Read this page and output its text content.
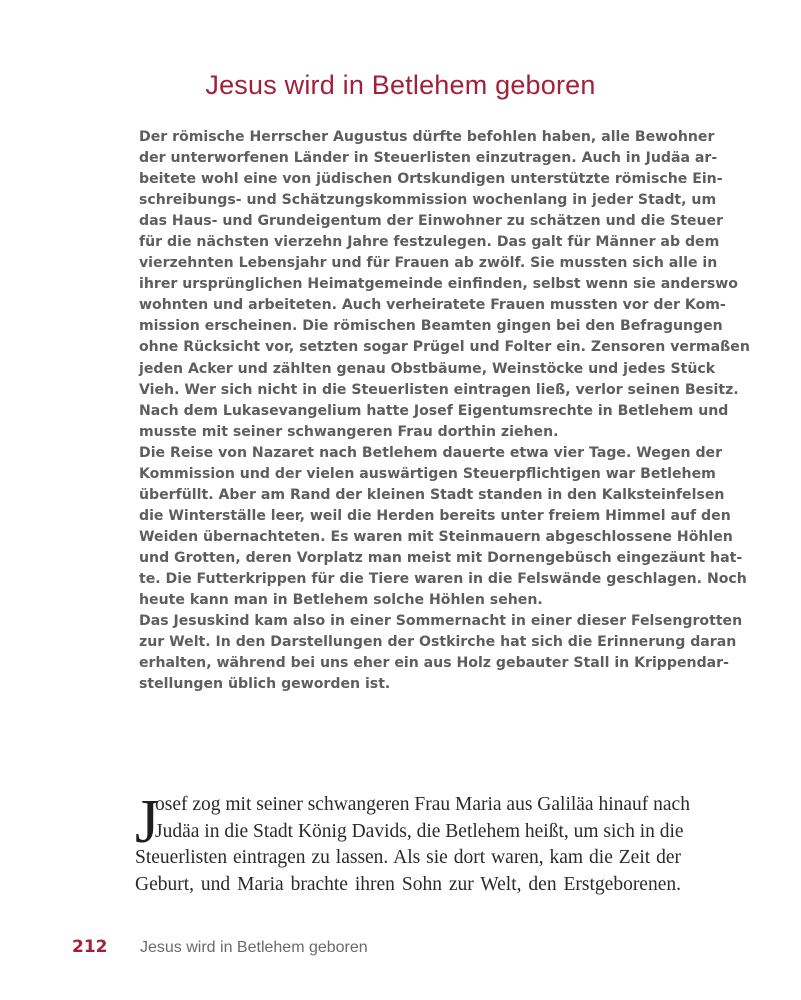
Jesus wird in Betlehem geboren
Der römische Herrscher Augustus dürfte befohlen haben, alle Bewohner
der unterworfenen Länder in Steuerlisten einzutragen. Auch in Judäa ar-
beitete wohl eine von jüdischen Ortskundigen unterstützte römische Ein-
schreibungs- und Schätzungskommission wochenlang in jeder Stadt, um
das Haus- und Grundeigentum der Einwohner zu schätzen und die Steuer
für die nächsten vierzehn Jahre festzulegen. Das galt für Männer ab dem
vierzehnten Lebensjahr und für Frauen ab zwölf. Sie mussten sich alle in
ihrer ursprünglichen Heimatgemeinde einfinden, selbst wenn sie anderswo
wohnten und arbeiteten. Auch verheiratete Frauen mussten vor der Kom-
mission erscheinen. Die römischen Beamten gingen bei den Befragungen
ohne Rücksicht vor, setzten sogar Prügel und Folter ein. Zensoren vermaßen
jeden Acker und zählten genau Obstbäume, Weinstöcke und jedes Stück
Vieh. Wer sich nicht in die Steuerlisten eintragen ließ, verlor seinen Besitz.
Nach dem Lukasevangelium hatte Josef Eigentumsrechte in Betlehem und
musste mit seiner schwangeren Frau dorthin ziehen.
Die Reise von Nazaret nach Betlehem dauerte etwa vier Tage. Wegen der
Kommission und der vielen auswärtigen Steuerpflichtigen war Betlehem
überfüllt. Aber am Rand der kleinen Stadt standen in den Kalksteinfelsen
die Winterställe leer, weil die Herden bereits unter freiem Himmel auf den
Weiden übernachteten. Es waren mit Steinmauern abgeschlossene Höhlen
und Grotten, deren Vorplatz man meist mit Dornengebüsch eingezäunt hat-
te. Die Futterkrippen für die Tiere waren in die Felswände geschlagen. Noch
heute kann man in Betlehem solche Höhlen sehen.
Das Jesuskind kam also in einer Sommernacht in einer dieser Felsengrotten
zur Welt. In den Darstellungen der Ostkirche hat sich die Erinnerung daran
erhalten, während bei uns eher ein aus Holz gebauter Stall in Krippendar-
stellungen üblich geworden ist.
J
osef zog mit seiner schwangeren Frau Maria aus Galiläa hinauf nach
Judäa in die Stadt König Davids, die Betlehem heißt, um sich in die
Steuerlisten eintragen zu lassen. Als sie dort waren, kam die Zeit der
Geburt, und Maria brachte ihren Sohn zur Welt, den Erstgeborenen.
212	Jesus wird in Betlehem geboren
